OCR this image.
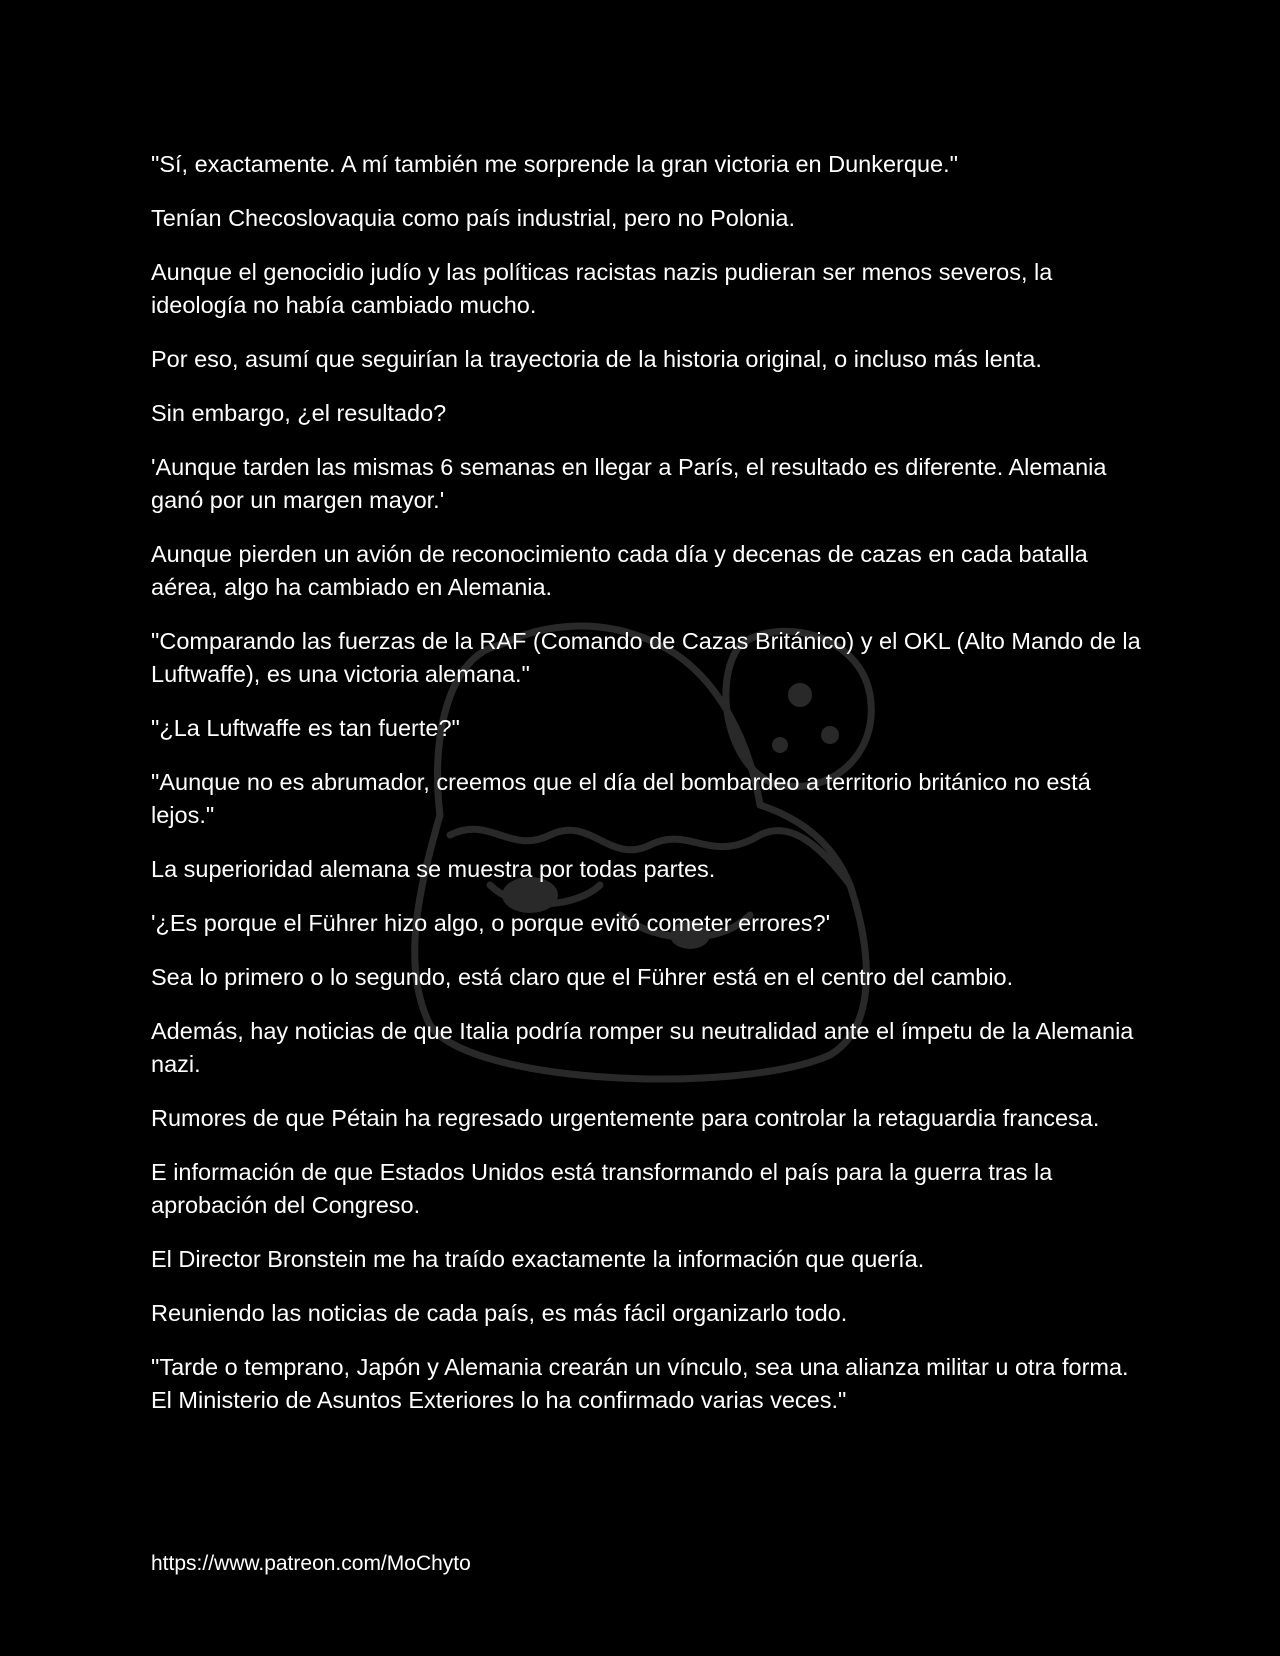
"Sí, exactamente. A mí también me sorprende la gran victoria en Dunkerque."

Tenían Checoslovaquia como país industrial, pero no Polonia.

Aunque el genocidio judío y las políticas racistas nazis pudieran ser menos severos, la ideología no había cambiado mucho.

Por eso, asumí que seguirían la trayectoria de la historia original, o incluso más lenta.

Sin embargo, ¿el resultado?

'Aunque tarden las mismas 6 semanas en llegar a París, el resultado es diferente. Alemania ganó por un margen mayor.'

Aunque pierden un avión de reconocimiento cada día y decenas de cazas en cada batalla aérea, algo ha cambiado en Alemania.

"Comparando las fuerzas de la RAF (Comando de Cazas Británico) y el OKL (Alto Mando de la Luftwaffe), es una victoria alemana."

"¿La Luftwaffe es tan fuerte?"

"Aunque no es abrumador, creemos que el día del bombardeo a territorio británico no está lejos."

La superioridad alemana se muestra por todas partes.

'¿Es porque el Führer hizo algo, o porque evitó cometer errores?'

Sea lo primero o lo segundo, está claro que el Führer está en el centro del cambio.

Además, hay noticias de que Italia podría romper su neutralidad ante el ímpetu de la Alemania nazi.

Rumores de que Pétain ha regresado urgentemente para controlar la retaguardia francesa.

E información de que Estados Unidos está transformando el país para la guerra tras la aprobación del Congreso.

El Director Bronstein me ha traído exactamente la información que quería.

Reuniendo las noticias de cada país, es más fácil organizarlo todo.

"Tarde o temprano, Japón y Alemania crearán un vínculo, sea una alianza militar u otra forma. El Ministerio de Asuntos Exteriores lo ha confirmado varias veces."

https://www.patreon.com/MoChyto
